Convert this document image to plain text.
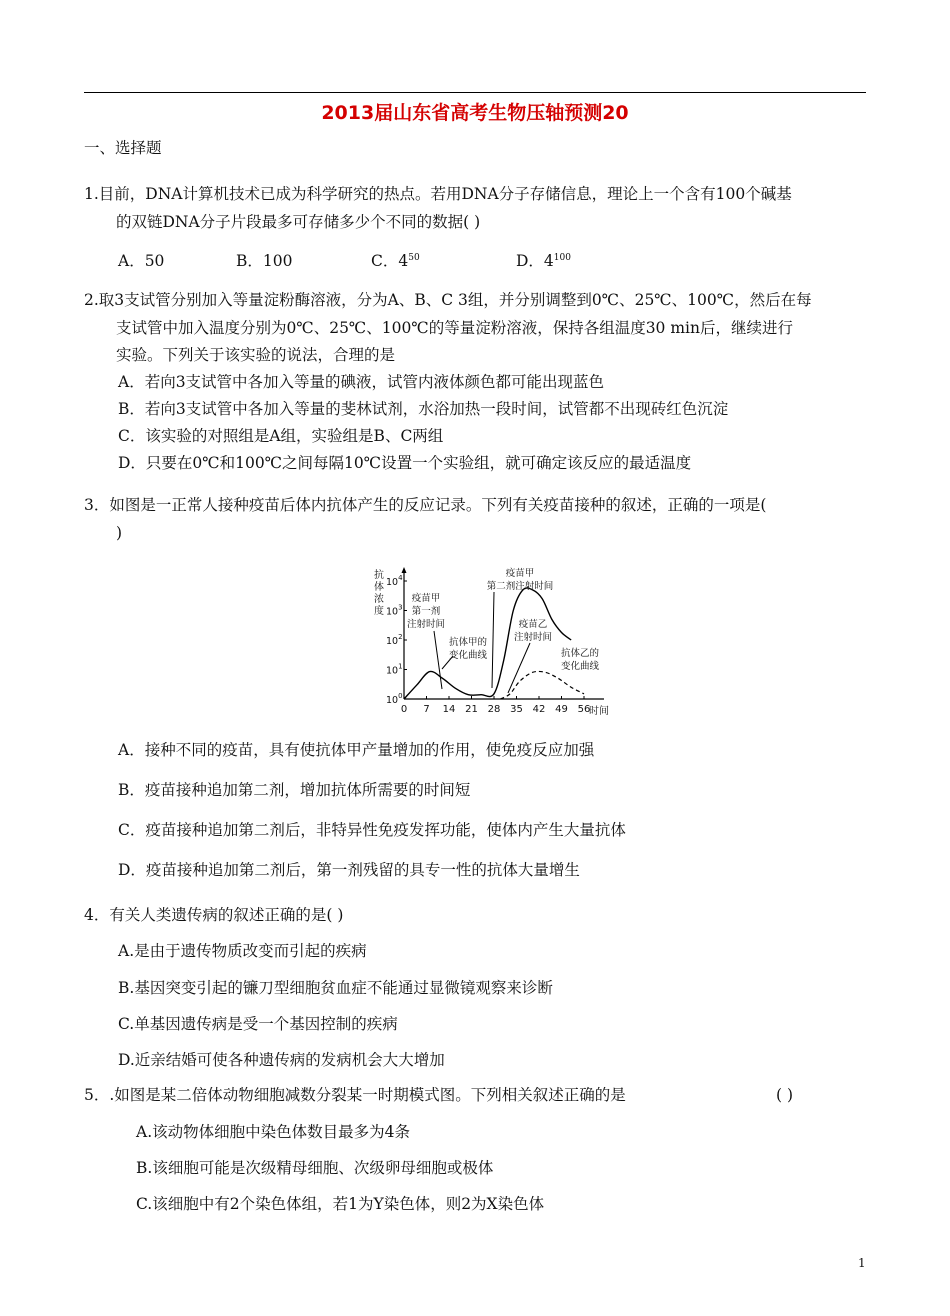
2013届山东省高考生物压轴预测20
一、选择题
1.目前，DNA计算机技术已成为科学研究的热点。若用DNA分子存储信息，理论上一个含有100个碱基
的双链DNA分子片段最多可存储多少个不同的数据( )
A．50	B．100	C．$4^{50}$	D．$4^{100}$
2.取3支试管分别加入等量淀粉酶溶液，分为A、B、C 3组，并分别调整到0℃、25℃、100℃，然后在每
支试管中加入温度分别为0℃、25℃、100℃的等量淀粉溶液，保持各组温度30 min后，继续进行
实验。下列关于该实验的说法，合理的是
A．若向3支试管中各加入等量的碘液，试管内液体颜色都可能出现蓝色
B．若向3支试管中各加入等量的斐林试剂，水浴加热一段时间，试管都不出现砖红色沉淀
C．该实验的对照组是A组，实验组是B、C两组
D．只要在0℃和100℃之间每隔10℃设置一个实验组，就可确定该反应的最适温度
3．如图是一正常人接种疫苗后体内抗体产生的反应记录。下列有关疫苗接种的叙述，正确的一项是(
)
抗
体
浓
度
$10^0$
$10^1$
$10^2$
$10^3$
$10^4$
0 7 14 21 28 35 42 49 56
时间
疫苗甲
第一剂
注射时间
抗体甲的
变化曲线
疫苗甲
第二剂注射时间
疫苗乙
注射时间
抗体乙的
变化曲线
A．接种不同的疫苗，具有使抗体甲产量增加的作用，使免疫反应加强
B．疫苗接种追加第二剂，增加抗体所需要的时间短
C．疫苗接种追加第二剂后，非特异性免疫发挥功能，使体内产生大量抗体
D．疫苗接种追加第二剂后，第一剂残留的具专一性的抗体大量增生
4．有关人类遗传病的叙述正确的是( )
A.是由于遗传物质改变而引起的疾病
B.基因突变引起的镰刀型细胞贫血症不能通过显微镜观察来诊断
C.单基因遗传病是受一个基因控制的疾病
D.近亲结婚可使各种遗传病的发病机会大大增加
5．.如图是某二倍体动物细胞减数分裂某一时期模式图。下列相关叙述正确的是	( )
A.该动物体细胞中染色体数目最多为4条
B.该细胞可能是次级精母细胞、次级卵母细胞或极体
C.该细胞中有2个染色体组，若1为Y染色体，则2为X染色体
1
